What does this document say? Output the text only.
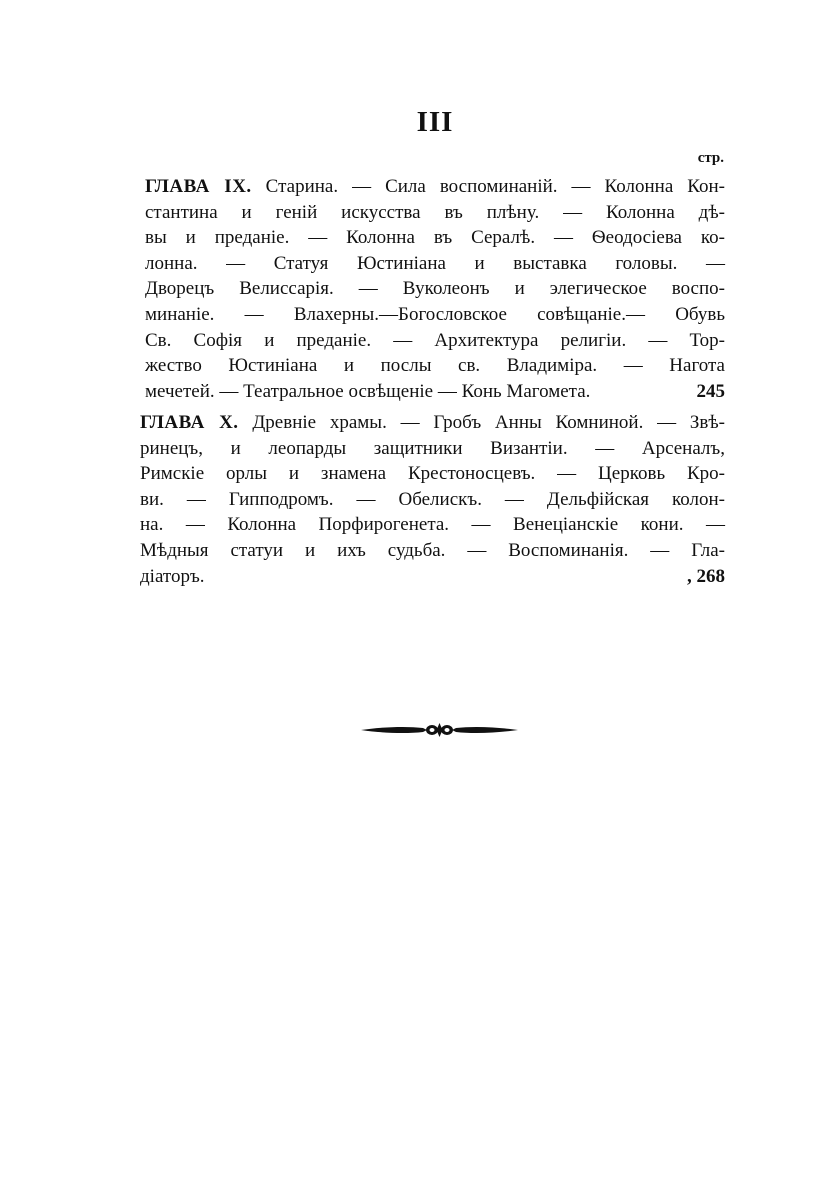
III
стр.
ГЛАВА IX. Старина. — Сила воспоминаній. — Колонна Кон-
стантина и геній искусства въ плѣну. — Колонна дѣ-
вы и преданіе. — Колонна въ Сералѣ. — Ѳеодосіева ко-
лонна. — Статуя Юстиніана и выставка головы. —
Дворецъ Велиссарія. — Вуколеонъ и элегическое воспо-
минаніе. — Влахерны.—Богословское совѣщаніе.— Обувь
Св. Софія и преданіе. — Архитектура религіи. — Тор-
жество Юстиніана и послы св. Владиміра. — Нагота
мечетей. — Театральное освѣщеніе — Конь Магомета.	245
ГЛАВА X. Древніе храмы. — Гробъ Анны Комниной. — Звѣ-
ринецъ, и леопарды защитники Византіи. — Арсеналъ,
Римскіе орлы и знамена Крестоносцевъ. — Церковь Кро-
ви. — Гипподромъ. — Обелискъ. — Дельфійская колон-
на. — Колонна Порфирогенета. — Венеціанскіе кони. —
Мѣдныя статуи и ихъ судьба. — Воспоминанія. — Гла-
діаторъ.	, 268
